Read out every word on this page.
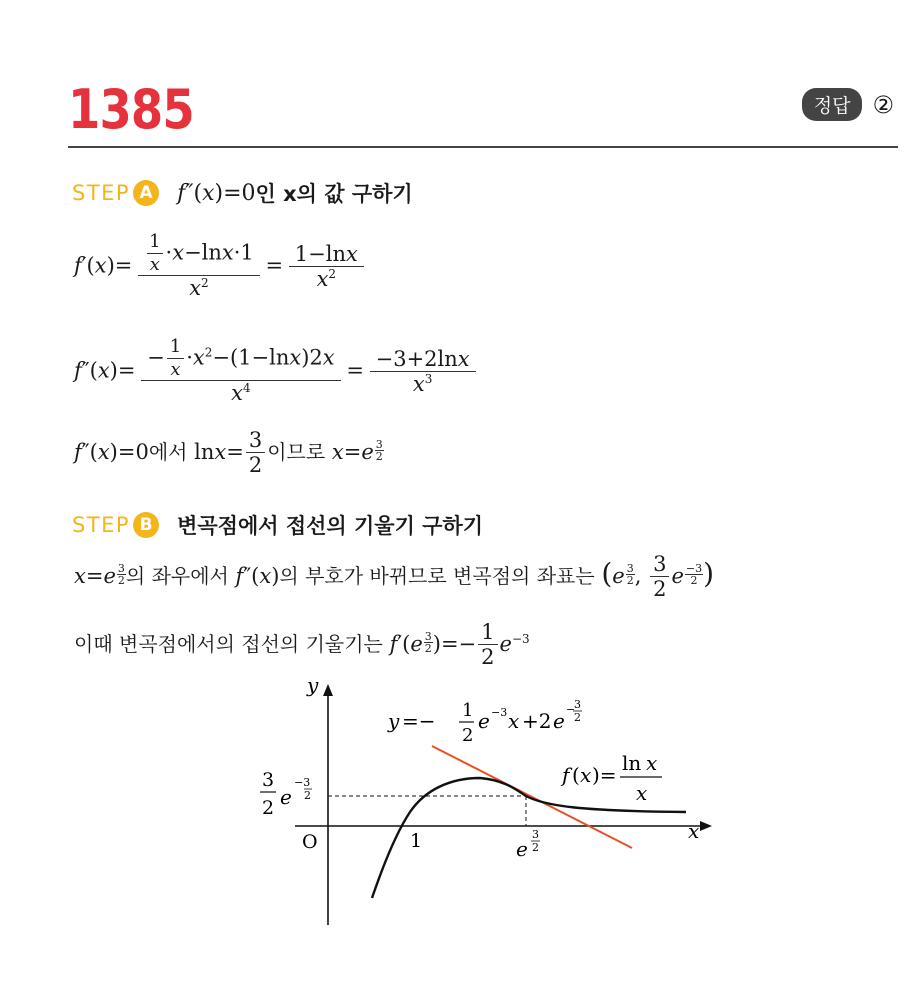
1385	정답 ②
STEP A f″ ( x )=0 인 x의 값 구하기
$f'(x)= \frac{\frac{1}{x} \cdot x-\ln x\cdot 1}{x^2} = \frac{1-\ln x}{x^2}$
$f''(x)= \frac{- \frac{1}{x} \cdot x^2-(1-\ln x)2x}{x^4} = \frac{-3+2\ln x}{x^3}$
f″(x)=0에서 $\ln x= \frac{3}{2}$ 이므로 $x=e \frac{3}{2}$
STEP B	변곡점에서 접선의 기울기 구하기
$x=e \frac{3}{2}$ 의 좌우에서 f″(x)의 부호가 바뀌므로 변곡점의 좌표는 ($e \frac{3}{2}$ , $\frac{3}{2}$ e $\frac{-3}{2}$ )
이때 변곡점에서의 접선의 기울기는 $f'(e \frac{3}{2}$ )=− $\frac{1}{2} e^{-3}$
y
x
O	1	e
3
2
3
2 e
−3
2
y =− 1
2
e −3 x +2 e −
3
2
f ( x )= ln x
x
